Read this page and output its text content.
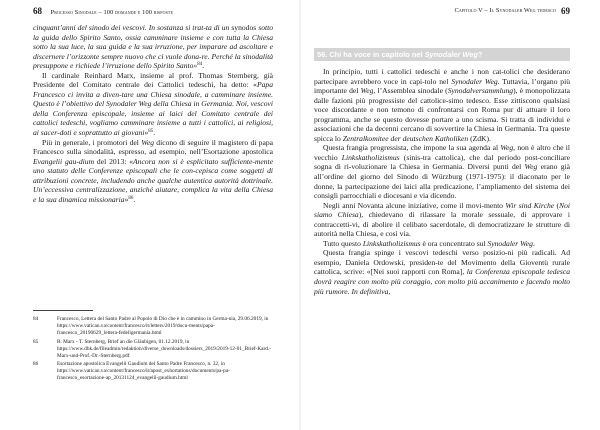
68 Processo Sinodale – 100 domande e 100 risposte

cinquant’anni del sinodo dei vescovi. In sostanza si trat-ta di un synodos sotto la guida dello Spirito Santo, ossia camminare insieme e con tutta la Chiesa sotto la sua luce, la sua guida e la sua irruzione, per imparare ad ascoltare e discernere l’orizzonte sempre nuovo che ci vuole dona-re. Perché la sinodalità presuppone e richiede l’irruzione dello Spirito Santo»$^{84}$.

Il cardinale Reinhard Marx, insieme al prof. Thomas Sternberg, già Presidente del Comitato centrale dei Cattolici tedeschi, ha detto: «Papa Francesco ci invita a diven-tare una Chiesa sinodale, a camminare insieme. Questo è l’obiettivo del Synodaler Weg della Chiesa in Germania. Noi, vescovi della Conferenza episcopale, insieme ai laici del Comitato centrale dei cattolici tedeschi, vogliamo camminare insieme a tutti i cattolici, ai religiosi, ai sacer-doti e soprattutto ai giovani»$^{85}$.

Più in generale, i promotori del Weg dicono di seguire il magistero di papa Francesco sulla sinodalità, espresso, ad esempio, nell’Esortazione apostolica Evangelii gau-dium del 2013: «Ancora non si è esplicitato sufficiente-mente uno statuto delle Conferenze episcopali che le con-cepisca come soggetti di attribuzioni concrete, includendo anche qualche autentica autorità dottrinale. Un’eccessiva centralizzazione, anziché aiutare, complica la vita della Chiesa e la sua dinamica missionaria»$^{86}$.

84	Francesco, Lettera del Santo Padre al Popolo di Dio che è in cammino in Germa-nia, 29.06.2019, in https://www.vatican.va/content/francesco/it/letters/2019/docu-ments/papa-francesco_20190629_lettera-fedeligermania.html
85	R. Marx - T. Sternberg, Brief an die Gläubigen, 01.12.2019, in https://www.dbk.de/fileadmin/redaktion/diverse_downloads/dossiers_2019/2019-12-01_Brief-Kard.-Marx-und-Prof.-Dr.-Sternberg.pdf
86	Esortazione apostolica Evangelii Gaudium del Santo Padre Francesco, n. 32, in https://www.vatican.va/content/francesco/it/apost_exhortations/documents/pa-pa-francesco_esortazione-ap_20131124_evangelii-gaudium.html
Capitolo V – Il Synodaler Weg tedesco 69
56. Chi ha voce in capitolo nel Synodaler Weg?

In principio, tutti i cattolici tedeschi e anche i non cat-tolici che desiderano partecipare avrebbero voce in capi-tolo nel Synodaler Weg. Tuttavia, l’organo più importante del Weg, l’Assemblea sinodale (Synodalversammlung), è monopolizzata dalle fazioni più progressiste del cattolice-simo tedesco. Esse zittiscono qualsiasi voce discordante e non temono di confrontarsi con Roma pur di attuare il loro programma, anche se questo dovesse portare a uno scisma. Si tratta di individui e associazioni che da decenni cercano di sovvertire la Chiesa in Germania. Tra queste spicca lo Zentralkomitee der deutschen Katholiken (ZdK).

Questa frangia progressista, che impone la sua agenda al Weg, non è altro che il vecchio Linkskatholizismus (sinis-tra cattolica), che dal periodo post-conciliare sogna di ri-voluzionare la Chiesa in Germania. Diversi punti del Weg erano già all’ordine del giorno del Sinodo di Würzburg (1971-1975): il diaconato per le donne, la partecipazione dei laici alla predicazione, l’ampliamento del sistema dei consigli parrocchiali e diocesani e via dicendo.

Negli anni Novanta alcune iniziative, come il movi-mento Wir sind Kirche (Noi siamo Chiesa), chiedevano di rilassare la morale sessuale, di approvare i contraccetti-vi, di abolire il celibato sacerdotale, di democratizzare le strutture di autorità nella Chiesa, e così via.

Tutto questo Linkskatholizismus è ora concentrato sul Synodaler Weg.

Questa frangia spinge i vescovi tedeschi verso posizio-ni più radicali. Ad esempio, Daniela Ordowski, presiden-te del Movimento della Gioventù rurale cattolica, scrive: «[Nei suoi rapporti con Roma], la Conferenza episcopale tedesca dovrà reagire con molto più coraggio, con molto più accanimento e facendo molto più rumore. In definitiva,
